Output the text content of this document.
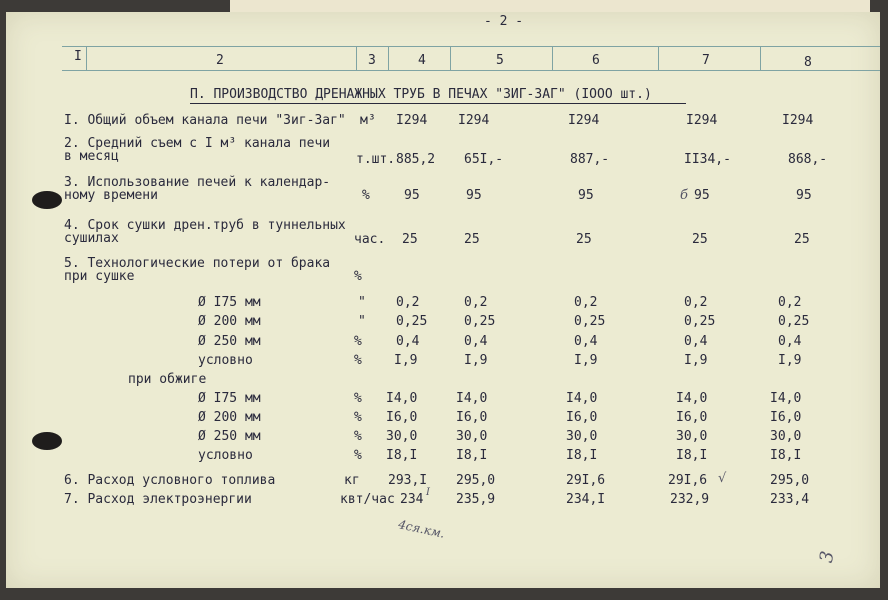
- 2 -
I	2	3	4	5	6	7	8
П. ПРОИЗВОДСТВО ДРЕНАЖНЫХ ТРУБ В ПЕЧАХ "ЗИГ-ЗАГ" (IOOO шт.)
I. Общий объем канала печи "Зиг-Заг" м³ I294 I294	I294	I294	I294
2. Средний съем с I м³ канала печи
в месяц	т.шт. 885,2 65I,-	887,-	II34,-	868,-
3. Использование печей к календар-
ному времени	%	95	95	95	б 95	95
4. Срок сушки дрен.труб в туннельных
сушилах	час. 25	25	25	25	25
5. Технологические потери от брака
при сушке	%
Ø I75 мм	" 0,2	0,2	0,2	0,2	0,2
Ø 200 мм	" 0,25	0,25	0,25	0,25	0,25
Ø 250 мм	%	0,4	0,4	0,4	0,4	0,4
условно	% I,9	I,9	I,9	I,9	I,9
при обжиге
Ø I75 мм	% I4,0	I4,0	I4,0	I4,0	I4,0
Ø 200 мм	% I6,0	I6,0	I6,0	I6,0	I6,0
Ø 250 мм	% 30,0	30,0	30,0	30,0	30,0
условно	% I8,I	I8,I	I8,I	I8,I	I8,I
6. Расход условного топлива	кг 293,I 295,0	29I,6	29I,6 √	295,0
7. Расход электроэнергии	квт/час 234 I 235,9	234,I	232,9	233,4
4ся.км.
3
